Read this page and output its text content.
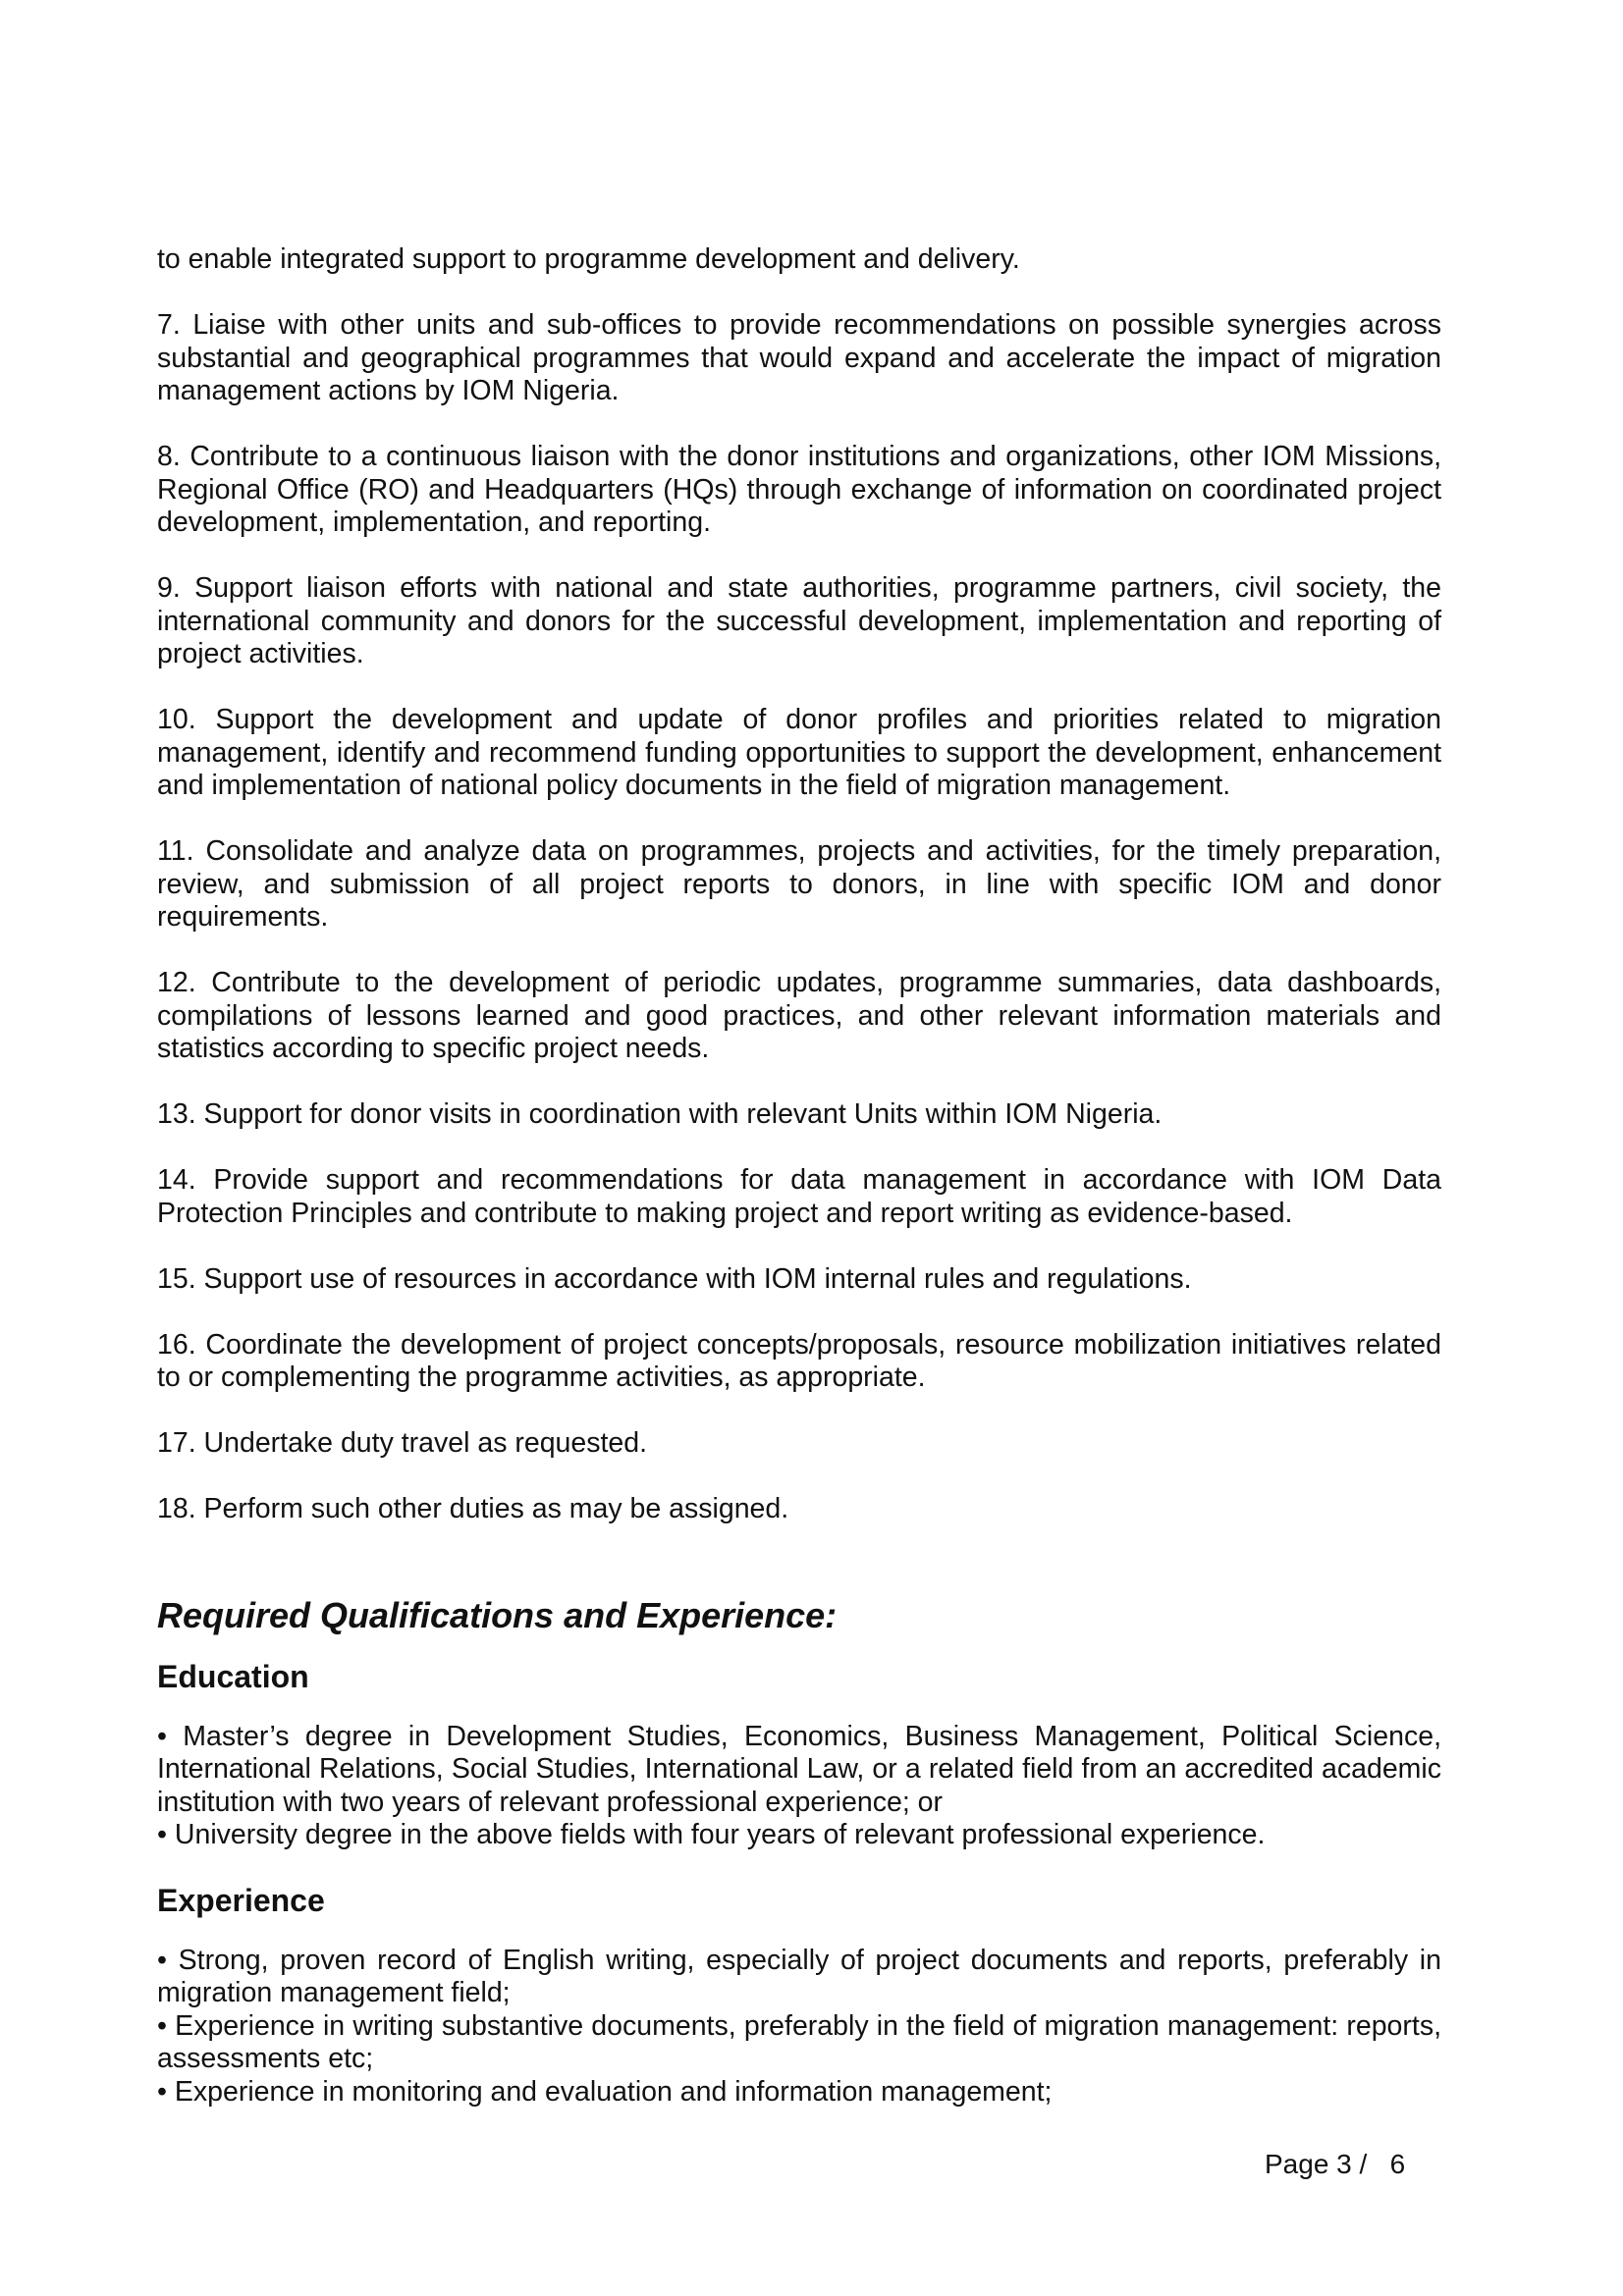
to enable integrated support to programme development and delivery.

7. Liaise with other units and sub-offices to provide recommendations on possible synergies across substantial and geographical programmes that would expand and accelerate the impact of migration management actions by IOM Nigeria.

8. Contribute to a continuous liaison with the donor institutions and organizations, other IOM Missions, Regional Office (RO) and Headquarters (HQs) through exchange of information on coordinated project development, implementation, and reporting.

9. Support liaison efforts with national and state authorities, programme partners, civil society, the international community and donors for the successful development, implementation and reporting of project activities.

10. Support the development and update of donor profiles and priorities related to migration management, identify and recommend funding opportunities to support the development, enhancement and implementation of national policy documents in the field of migration management.

11. Consolidate and analyze data on programmes, projects and activities, for the timely preparation, review, and submission of all project reports to donors, in line with specific IOM and donor requirements.

12. Contribute to the development of periodic updates, programme summaries, data dashboards, compilations of lessons learned and good practices, and other relevant information materials and statistics according to specific project needs.

13. Support for donor visits in coordination with relevant Units within IOM Nigeria.

14. Provide support and recommendations for data management in accordance with IOM Data Protection Principles and contribute to making project and report writing as evidence-based.

15. Support use of resources in accordance with IOM internal rules and regulations.

16. Coordinate the development of project concepts/proposals, resource mobilization initiatives related to or complementing the programme activities, as appropriate.

17. Undertake duty travel as requested.

18. Perform such other duties as may be assigned.

Required Qualifications and Experience:
Education

• Master’s degree in Development Studies, Economics, Business Management, Political Science, International Relations, Social Studies, International Law, or a related field from an accredited academic institution with two years of relevant professional experience; or

• University degree in the above fields with four years of relevant professional experience.

Experience

• Strong, proven record of English writing, especially of project documents and reports, preferably in migration management field;

• Experience in writing substantive documents, preferably in the field of migration management: reports, assessments etc;

• Experience in monitoring and evaluation and information management;

Page 3 /   6
